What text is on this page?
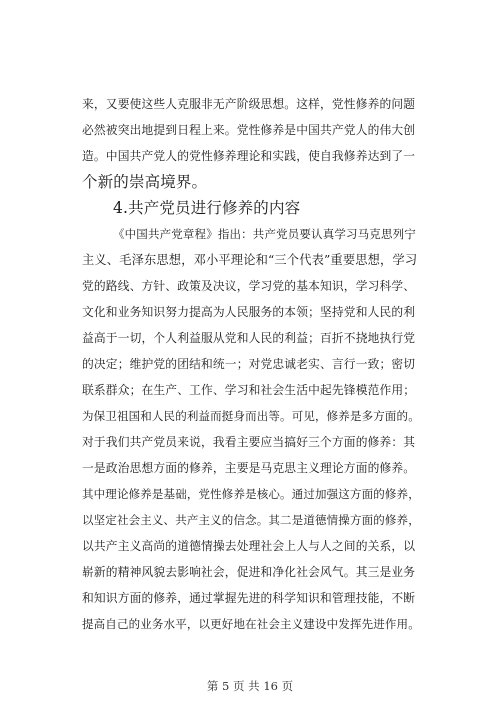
来，又要使这些人克服非无产阶级思想。这样，党性修养的问题
必然被突出地提到日程上来。党性修养是中国共产党人的伟大创
造。中国共产党人的党性修养理论和实践，使自我修养达到了一
个新的崇高境界。
4.共产党员进行修养的内容
《中国共产党章程》指出：共产党员要认真学习马克思列宁
主义、毛泽东思想，邓小平理论和“三个代表”重要思想，学习
党的路线、方针、政策及决议，学习党的基本知识，学习科学、
文化和业务知识努力提高为人民服务的本领；坚持党和人民的利
益高于一切，个人利益服从党和人民的利益；百折不挠地执行党
的决定；维护党的团结和统一；对党忠诚老实、言行一致；密切
联系群众；在生产、工作、学习和社会生活中起先锋模范作用；
为保卫祖国和人民的利益而挺身而出等。可见，修养是多方面的。
对于我们共产党员来说，我看主要应当搞好三个方面的修养：其
一是政治思想方面的修养，主要是马克思主义理论方面的修养。
其中理论修养是基础，党性修养是核心。通过加强这方面的修养，
以坚定社会主义、共产主义的信念。其二是道德情操方面的修养，
以共产主义高尚的道德情操去处理社会上人与人之间的关系，以
崭新的精神风貌去影响社会，促进和净化社会风气。其三是业务
和知识方面的修养，通过掌握先进的科学知识和管理技能，不断
提高自己的业务水平，以更好地在社会主义建设中发挥先进作用。
第 5 页 共 16 页
